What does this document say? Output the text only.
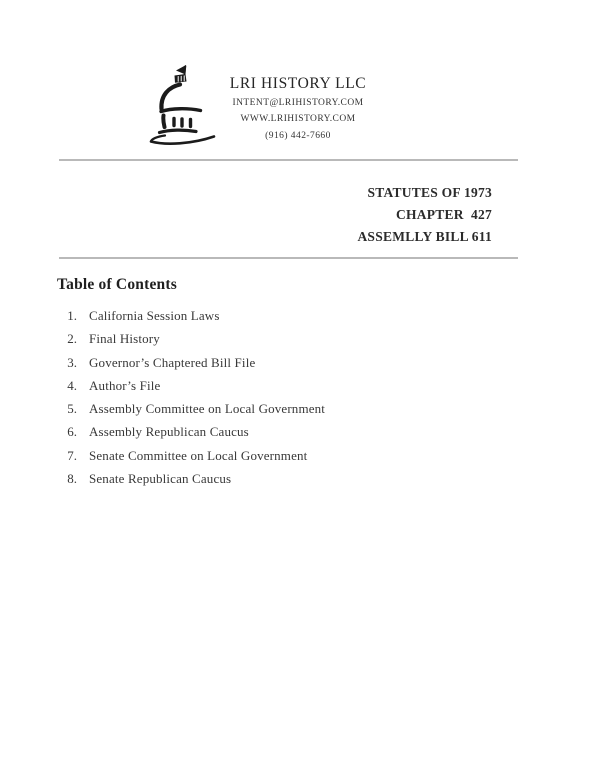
LRI HISTORY LLC
INTENT@LRIHISTORY.COM
WWW.LRIHISTORY.COM
(916) 442-7660
STATUTES OF 1973
CHAPTER  427
ASSEMLLY BILL 611
Table of Contents
1. California Session Laws
2. Final History
3. Governor’s Chaptered Bill File
4. Author’s File
5. Assembly Committee on Local Government
6. Assembly Republican Caucus
7. Senate Committee on Local Government
8. Senate Republican Caucus
